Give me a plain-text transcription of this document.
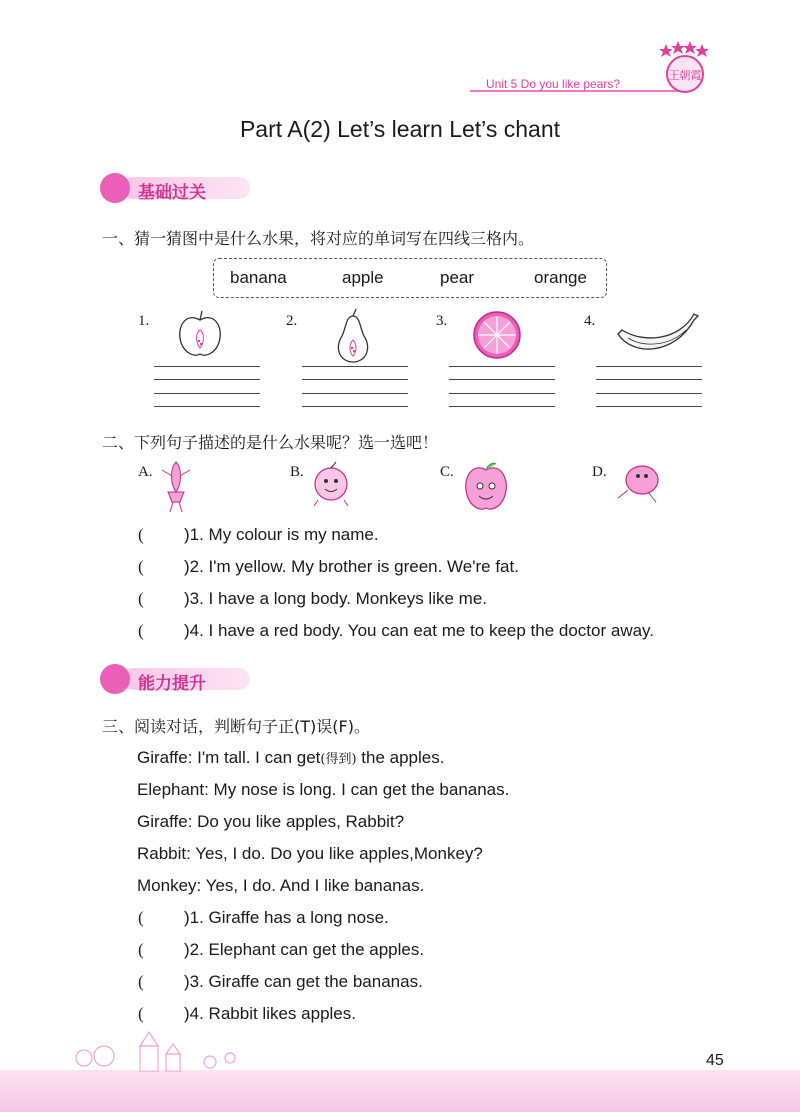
Unit 5 Do you like pears?
王朝霞
Part A(2) Let’s learn Let’s chant
基础过关
一、猜一猜图中是什么水果，将对应的单词写在四线三格内。
banana	apple	pear	orange
1.	2.	3.	4.
二、下列句子描述的是什么水果呢？选一选吧！
A.	B.	C.	D.
( )1. My colour is my name.
( )2. I'm yellow. My brother is green. We're fat.
( )3. I have a long body. Monkeys like me.
( )4. I have a red body. You can eat me to keep the doctor away.
能力提升
三、阅读对话，判断句子正(T)误(F)。
Giraffe: I'm tall. I can get(得到) the apples.
Elephant: My nose is long. I can get the bananas.
Giraffe: Do you like apples, Rabbit?
Rabbit: Yes, I do. Do you like apples,Monkey?
Monkey: Yes, I do. And I like bananas.
( )1. Giraffe has a long nose.
( )2. Elephant can get the apples.
( )3. Giraffe can get the bananas.
( )4. Rabbit likes apples.
45
